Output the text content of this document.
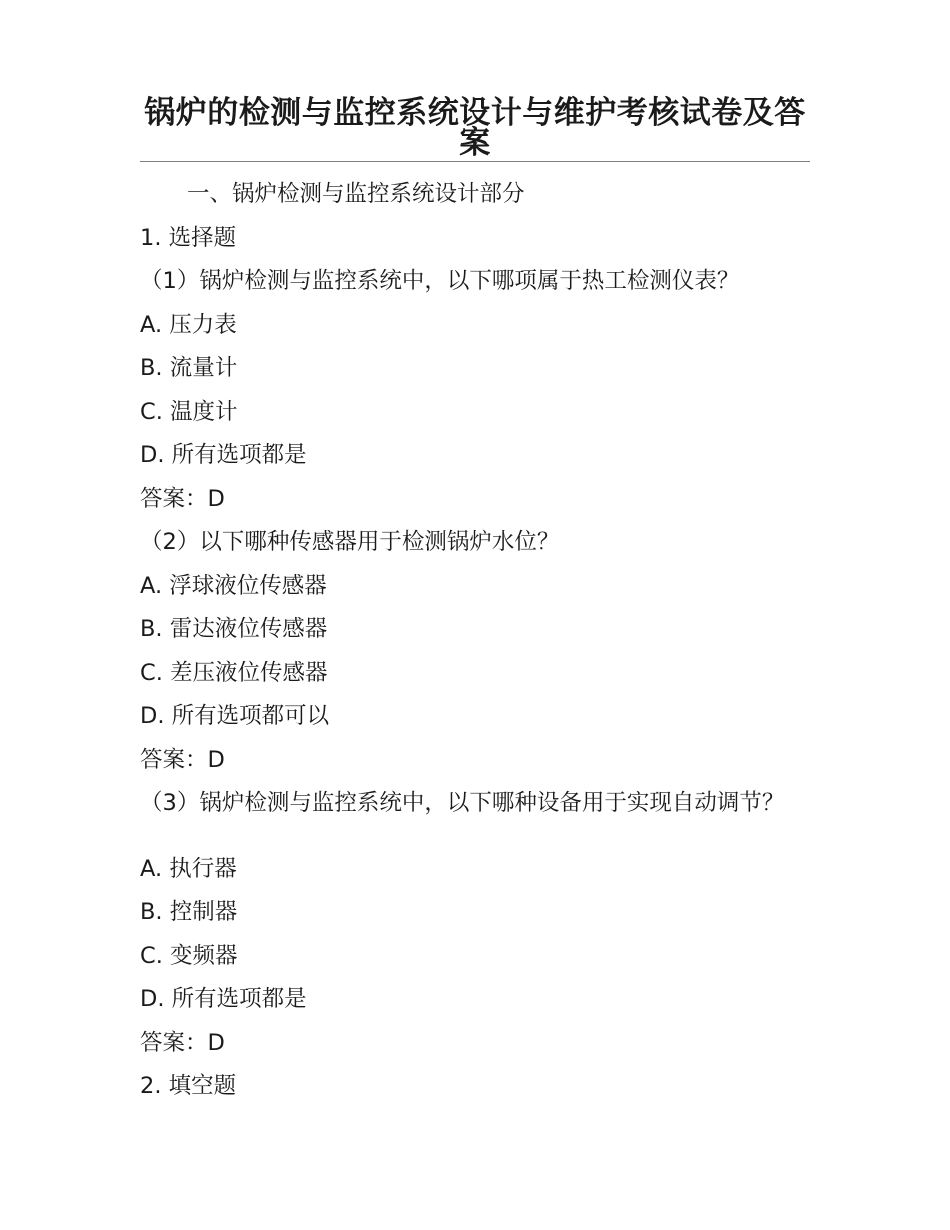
锅炉的检测与监控系统设计与维护考核试卷及答案
一、锅炉检测与监控系统设计部分
1. 选择题
（1）锅炉检测与监控系统中，以下哪项属于热工检测仪表？
A. 压力表
B. 流量计
C. 温度计
D. 所有选项都是
答案：D
（2）以下哪种传感器用于检测锅炉水位？
A. 浮球液位传感器
B. 雷达液位传感器
C. 差压液位传感器
D. 所有选项都可以
答案：D
（3）锅炉检测与监控系统中，以下哪种设备用于实现自动调节？
A. 执行器
B. 控制器
C. 变频器
D. 所有选项都是
答案：D
2. 填空题
